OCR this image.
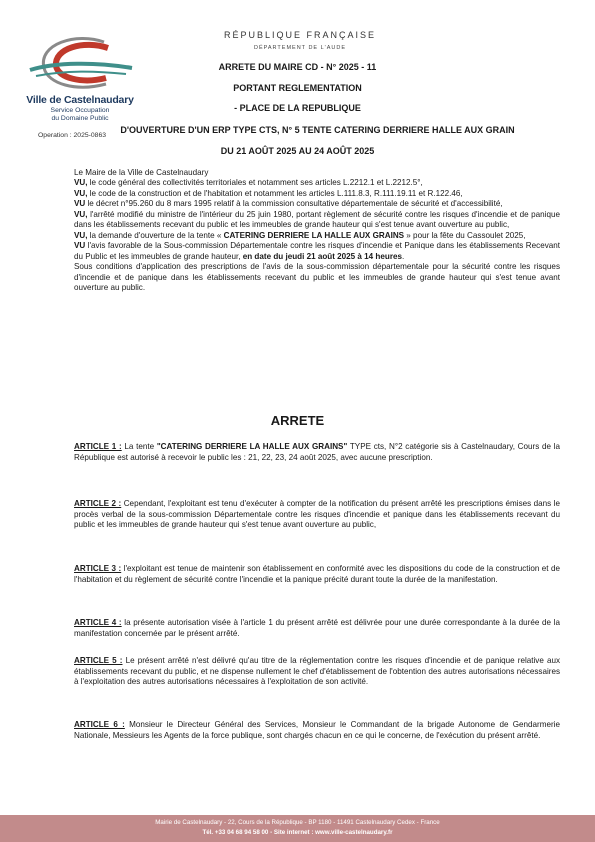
Ville de Castelnaudary
Service Occupation
du Domaine Public
Operation : 2025-0863
RÉPUBLIQUE FRANÇAISE
DÉPARTEMENT DE L'AUDE
ARRETE DU MAIRE CD - N° 2025 - 11
PORTANT REGLEMENTATION
- PLACE DE LA REPUBLIQUE
D'OUVERTURE D'UN ERP TYPE CTS, N° 5 TENTE CATERING DERRIERE HALLE AUX GRAIN
DU 21 AOÛT 2025 AU 24 AOÛT 2025

Le Maire de la Ville de Castelnaudary

VU, le code général des collectivités territoriales et notamment ses articles L.2212.1 et L.2212.5°,

VU, le code de la construction et de l'habitation et notamment les articles L.111.8.3, R.111.19.11 et R.122.46,

VU le décret n°95.260 du 8 mars 1995 relatif à la commission consultative départementale de sécurité et d'accessibilité,

VU, l'arrêté modifié du ministre de l'intérieur du 25 juin 1980, portant règlement de sécurité contre les risques d'incendie et de panique dans les établissements recevant du public et les immeubles de grande hauteur qui s'est tenue avant ouverture au public,

VU, la demande d'ouverture de la tente « CATERING DERRIERE LA HALLE AUX GRAINS » pour la fête du Cassoulet 2025,

VU l'avis favorable de la Sous-commission Départementale contre les risques d'incendie et Panique dans les établissements Recevant du Public et les immeubles de grande hauteur, en date du jeudi 21 août 2025 à 14 heures.

Sous conditions d'application des prescriptions de l'avis de la sous-commission départementale pour la sécurité contre les risques d'incendie et de panique dans les établissements recevant du public et les immeubles de grande hauteur qui s'est tenue avant ouverture au public.

ARRETE

ARTICLE 1 : La tente "CATERING DERRIERE LA HALLE AUX GRAINS" TYPE cts, N°2 catégorie sis à Castelnaudary, Cours de la République est autorisé à recevoir le public les : 21, 22, 23, 24 août 2025, avec aucune prescription.

ARTICLE 2 : Cependant, l'exploitant est tenu d'exécuter à compter de la notification du présent arrêté les prescriptions émises dans le procès verbal de la sous-commission Départementale contre les risques d'incendie et panique dans les établissements recevant du public et les immeubles de grande hauteur qui s'est tenue avant ouverture au public,

ARTICLE 3 : l'exploitant est tenue de maintenir son établissement en conformité avec les dispositions du code de la construction et de l'habitation et du règlement de sécurité contre l'incendie et la panique précité durant toute la durée de la manifestation.

ARTICLE 4 : la présente autorisation visée à l'article 1 du présent arrêté est délivrée pour une durée correspondante à la durée de la manifestation concernée par le présent arrêté.

ARTICLE 5 : Le présent arrêté n'est délivré qu'au titre de la réglementation contre les risques d'incendie et de panique relative aux établissements recevant du public, et ne dispense nullement le chef d'établissement de l'obtention des autres autorisations nécessaires à l'exploitation des autres autorisations nécessaires à l'exploitation de son activité.

ARTICLE 6 : Monsieur le Directeur Général des Services, Monsieur le Commandant de la brigade Autonome de Gendarmerie Nationale, Messieurs les Agents de la force publique, sont chargés chacun en ce qui le concerne, de l'exécution du présent arrêté.

Mairie de Castelnaudary - 22, Cours de la République - BP 1180 - 11491 Castelnaudary Cedex - France
Tél. +33 04 68 94 58 00 - Site internet : www.ville-castelnaudary.fr
